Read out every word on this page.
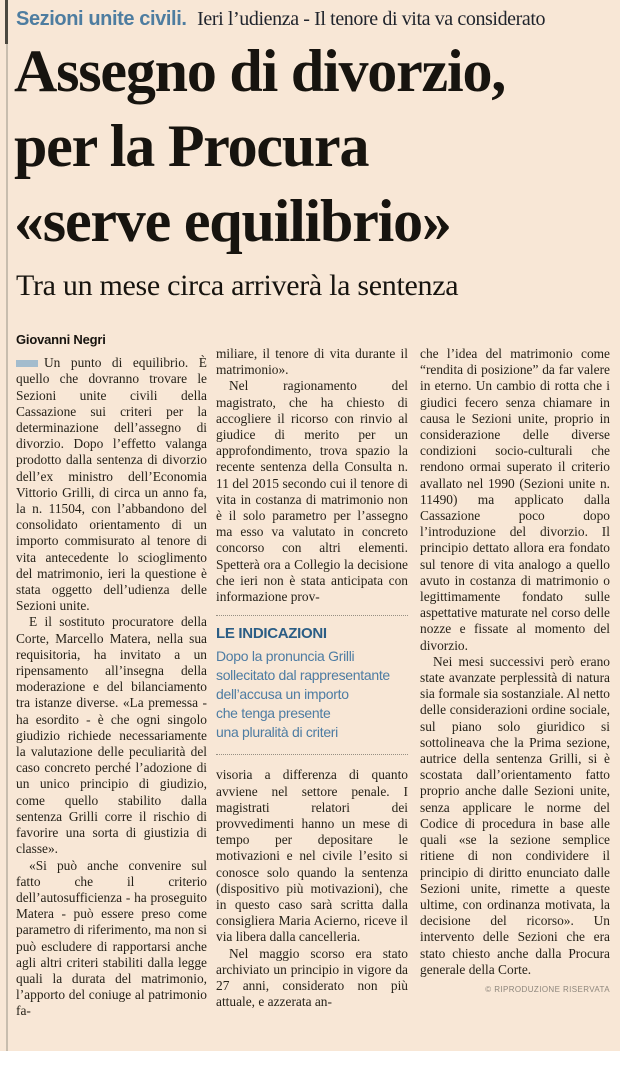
Sezioni unite civili. Ieri l’udienza - Il tenore di vita va considerato
Assegno di divorzio,
per la Procura
«serve equilibrio»
Tra un mese circa arriverà la sentenza
Giovanni Negri

Un punto di equilibrio. È quello che dovranno trovare le Sezioni unite civili della Cassazione sui criteri per la determinazione dell’assegno di divorzio. Dopo l’effetto valanga prodotto dalla sentenza di divorzio dell’ex ministro dell’Economia Vittorio Grilli, di circa un anno fa, la n. 11504, con l’abbandono del consolidato orientamento di un importo commisurato al tenore di vita antecedente lo scioglimento del matrimonio, ieri la questione è stata oggetto dell’udienza delle Sezioni unite.

E il sostituto procuratore della Corte, Marcello Matera, nella sua requisitoria, ha invitato a un ripensamento all’insegna della moderazione e del bilanciamento tra istanze diverse. «La premessa - ha esordito - è che ogni singolo giudizio richiede necessariamente la valutazione delle peculiarità del caso concreto perché l’adozione di un unico principio di giudizio, come quello stabilito dalla sentenza Grilli corre il rischio di favorire una sorta di giustizia di classe».

«Si può anche convenire sul fatto che il criterio dell’autosufficienza - ha proseguito Matera - può essere preso come parametro di riferimento, ma non si può escludere di rapportarsi anche agli altri criteri stabiliti dalla legge quali la durata del matrimonio, l’apporto del coniuge al patrimonio fa-

miliare, il tenore di vita durante il matrimonio».

Nel ragionamento del magistrato, che ha chiesto di accogliere il ricorso con rinvio al giudice di merito per un approfondimento, trova spazio la recente sentenza della Consulta n. 11 del 2015 secondo cui il tenore di vita in costanza di matrimonio non è il solo parametro per l’assegno ma esso va valutato in concreto concorso con altri elementi. Spetterà ora a Collegio la decisione che ieri non è stata anticipata con informazione prov-

LE INDICAZIONI
Dopo la pronuncia Grilli
sollecitato dal rappresentante
dell’accusa un importo
che tenga presente
una pluralità di criteri

visoria a differenza di quanto avviene nel settore penale. I magistrati relatori dei provvedimenti hanno un mese di tempo per depositare le motivazioni e nel civile l’esito si conosce solo quando la sentenza (dispositivo più motivazioni), che in questo caso sarà scritta dalla consigliera Maria Acierno, riceve il via libera dalla cancelleria.

Nel maggio scorso era stato archiviato un principio in vigore da 27 anni, considerato non più attuale, e azzerata an-

che l’idea del matrimonio come “rendita di posizione” da far valere in eterno. Un cambio di rotta che i giudici fecero senza chiamare in causa le Sezioni unite, proprio in considerazione delle diverse condizioni socio-culturali che rendono ormai superato il criterio avallato nel 1990 (Sezioni unite n. 11490) ma applicato dalla Cassazione poco dopo l’introduzione del divorzio. Il principio dettato allora era fondato sul tenore di vita analogo a quello avuto in costanza di matrimonio o legittimamente fondato sulle aspettative maturate nel corso delle nozze e fissate al momento del divorzio.

Nei mesi successivi però erano state avanzate perplessità di natura sia formale sia sostanziale. Al netto delle considerazioni ordine sociale, sul piano solo giuridico si sottolineava che la Prima sezione, autrice della sentenza Grilli, si è scostata dall’orientamento fatto proprio anche dalle Sezioni unite, senza applicare le norme del Codice di procedura in base alle quali «se la sezione semplice ritiene di non condividere il principio di diritto enunciato dalle Sezioni unite, rimette a queste ultime, con ordinanza motivata, la decisione del ricorso». Un intervento delle Sezioni che era stato chiesto anche dalla Procura generale della Corte.

© RIPRODUZIONE RISERVATA
